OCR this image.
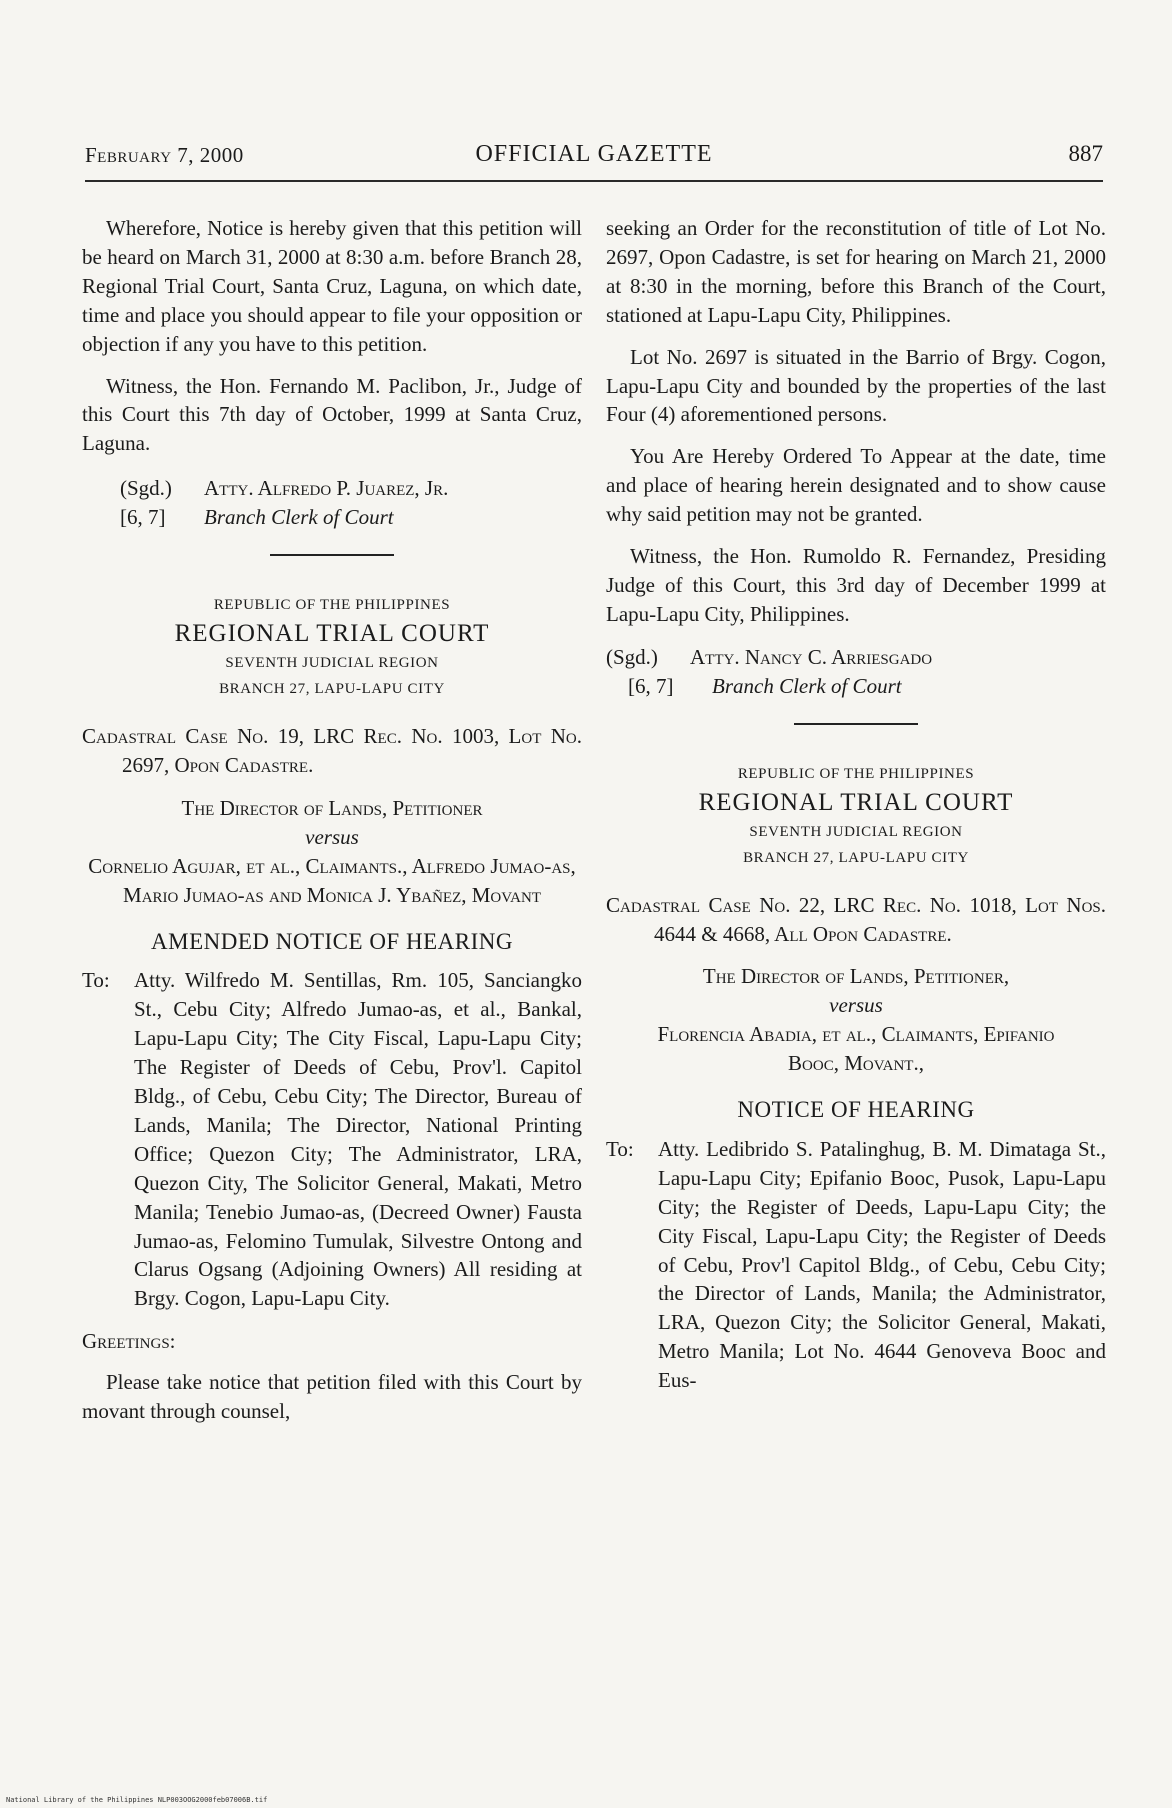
February 7, 2000	OFFICIAL GAZETTE	887

Wherefore, Notice is hereby given that this petition will be heard on March 31, 2000 at 8:30 a.m. before Branch 28, Regional Trial Court, Santa Cruz, Laguna, on which date, time and place you should appear to file your opposition or objection if any you have to this petition.

Witness, the Hon. Fernando M. Paclibon, Jr., Judge of this Court this 7th day of October, 1999 at Santa Cruz, Laguna.

(Sgd.)	Atty. Alfredo P. Juarez, Jr.
[6, 7]	Branch Clerk of Court
REPUBLIC OF THE PHILIPPINES
REGIONAL TRIAL COURT
SEVENTH JUDICIAL REGION
BRANCH 27, LAPU-LAPU CITY

Cadastral Case No. 19, LRC Rec. No. 1003, Lot No. 2697, Opon Cadastre.

The Director of Lands, Petitioner

versus

Cornelio Agujar, et al., Claimants., Alfredo Jumao-as, Mario Jumao-as and Monica J. Ybañez, Movant

AMENDED NOTICE OF HEARING

To:	Atty. Wilfredo M. Sentillas, Rm. 105, Sanciangko St., Cebu City; Alfredo Jumao-as, et al., Bankal, Lapu-Lapu City; The City Fiscal, Lapu-Lapu City; The Register of Deeds of Cebu, Prov'l. Capitol Bldg., of Cebu, Cebu City; The Director, Bureau of Lands, Manila; The Director, National Printing Office; Quezon City; The Administrator, LRA, Quezon City, The Solicitor General, Makati, Metro Manila; Tenebio Jumao-as, (Decreed Owner) Fausta Jumao-as, Felomino Tumulak, Silvestre Ontong and Clarus Ogsang (Adjoining Owners) All residing at Brgy. Cogon, Lapu-Lapu City.

Greetings:

Please take notice that petition filed with this Court by movant through counsel,

seeking an Order for the reconstitution of title of Lot No. 2697, Opon Cadastre, is set for hearing on March 21, 2000 at 8:30 in the morning, before this Branch of the Court, stationed at Lapu-Lapu City, Philippines.

Lot No. 2697 is situated in the Barrio of Brgy. Cogon, Lapu-Lapu City and bounded by the properties of the last Four (4) aforementioned persons.

You Are Hereby Ordered To Appear at the date, time and place of hearing herein designated and to show cause why said petition may not be granted.

Witness, the Hon. Rumoldo R. Fernandez, Presiding Judge of this Court, this 3rd day of December 1999 at Lapu-Lapu City, Philippines.

(Sgd.)	Atty. Nancy C. Arriesgado
[6, 7]	Branch Clerk of Court
REPUBLIC OF THE PHILIPPINES
REGIONAL TRIAL COURT
SEVENTH JUDICIAL REGION
BRANCH 27, LAPU-LAPU CITY

Cadastral Case No. 22, LRC Rec. No. 1018, Lot Nos. 4644 & 4668, All Opon Cadastre.

The Director of Lands, Petitioner,

versus

Florencia Abadia, et al., Claimants, Epifanio Booc, Movant.,

NOTICE OF HEARING

To:	Atty. Ledibrido S. Patalinghug, B. M. Dimataga St., Lapu-Lapu City; Epifanio Booc, Pusok, Lapu-Lapu City; the Register of Deeds, Lapu-Lapu City; the City Fiscal, Lapu-Lapu City; the Register of Deeds of Cebu, Prov'l Capitol Bldg., of Cebu, Cebu City; the Director of Lands, Manila; the Administrator, LRA, Quezon City; the Solicitor General, Makati, Metro Manila; Lot No. 4644 Genoveva Booc and Eus-
National Library of the Philippines NLP003OOG2000feb07006B.tif
